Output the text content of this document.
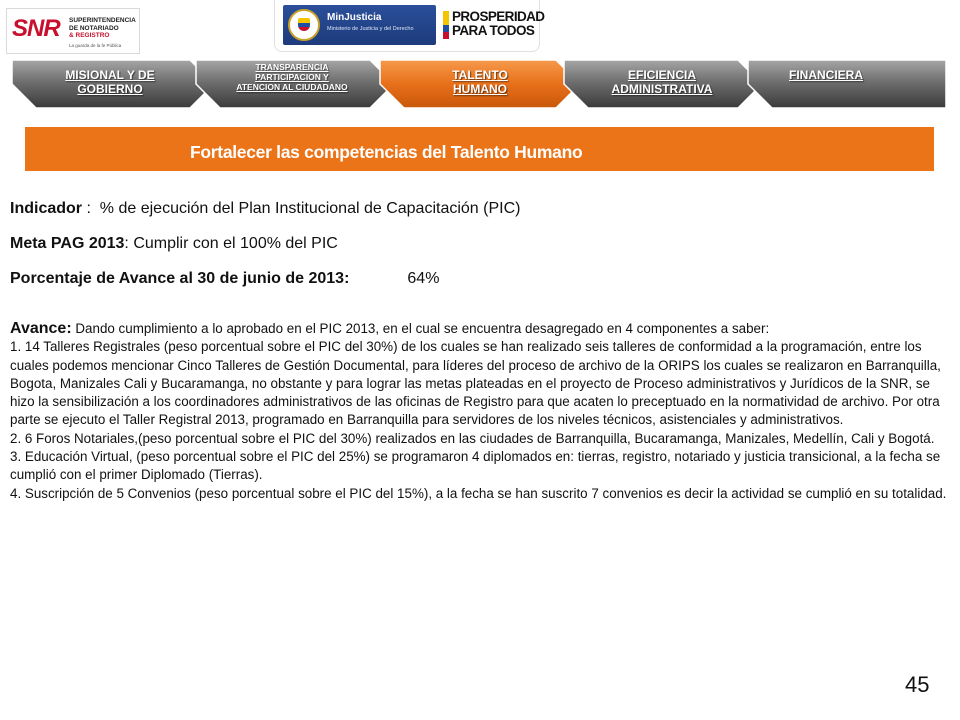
SNR SUPERINTENDENCIA
DE NOTARIADO
& REGISTRO
La guarda de la fe Pública
MinJusticia
Ministerio de Justicia y del Derecho
PROSPERIDAD
PARA TODOS
MISIONAL Y DE
GOBIERNO
TRANSPARENCIA
PARTICIPACION Y
ATENCION AL CIUDADANO
TALENTO
HUMANO
EFICIENCIA
ADMINISTRATIVA
FINANCIERA
Fortalecer las competencias del Talento Humano
Indicador :  % de ejecución del Plan Institucional de Capacitación (PIC)
Meta PAG 2013: Cumplir con el 100% del PIC
Porcentaje de Avance al 30 de junio de 2013:	64%

Avance: Dando cumplimiento a lo aprobado en el PIC 2013, en el cual se encuentra desagregado en 4 componentes a saber:

1. 14 Talleres Registrales (peso porcentual sobre el PIC del 30%) de los cuales se han realizado seis talleres de conformidad a la programación, entre los cuales podemos mencionar Cinco Talleres de Gestión Documental, para líderes del proceso de archivo de la ORIPS los cuales se realizaron en Barranquilla, Bogota, Manizales Cali y Bucaramanga, no obstante y para lograr las metas plateadas en el proyecto de Proceso administrativos y Jurídicos de la SNR, se hizo la sensibilización a los coordinadores administrativos de las oficinas de Registro para que acaten lo preceptuado en la normatividad de archivo. Por otra parte se ejecuto el Taller Registral 2013, programado en Barranquilla para servidores de los niveles técnicos, asistenciales y administrativos.

2. 6 Foros Notariales,(peso porcentual sobre el PIC del 30%) realizados en las ciudades de Barranquilla, Bucaramanga, Manizales, Medellín, Cali y Bogotá.

3. Educación Virtual, (peso porcentual sobre el PIC del 25%) se programaron 4 diplomados en: tierras, registro, notariado y justicia transicional, a la fecha se cumplió con el primer Diplomado (Tierras).

4. Suscripción de 5 Convenios (peso porcentual sobre el PIC del 15%), a la fecha se han suscrito 7 convenios es decir la actividad se cumplió en su totalidad.

45
